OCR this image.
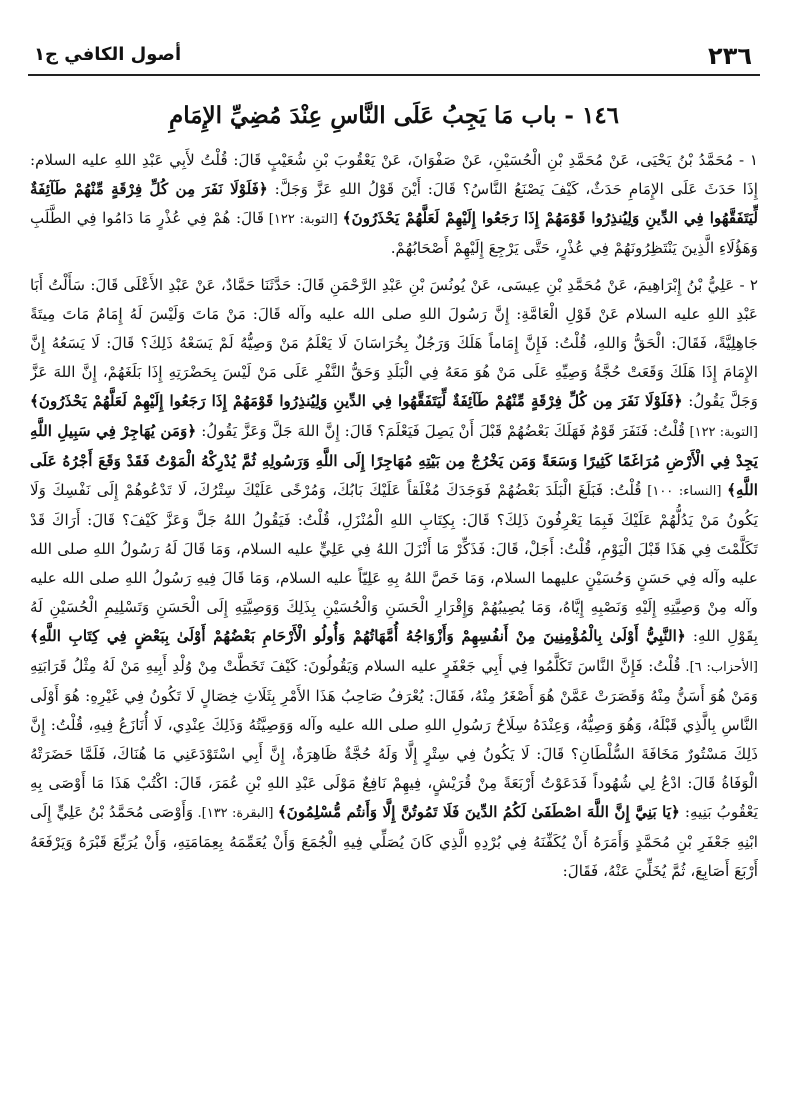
٢٣٦
أصول الكافي ج١
١٤٦ - باب مَا يَجِبُ عَلَى النَّاسِ عِنْدَ مُضِيِّ الإِمَامِ

١ - مُحَمَّدُ بْنُ يَحْيَى، عَنْ مُحَمَّدِ بْنِ الْحُسَيْنِ، عَنْ صَفْوَانَ، عَنْ يَعْقُوبَ بْنِ شُعَيْبٍ قَالَ: قُلْتُ لأَبِي عَبْدِ اللهِ عليه السلام: إِذَا حَدَثَ عَلَى الإِمَامِ حَدَثٌ، كَيْفَ يَصْنَعُ النَّاسُ؟ قَالَ: أَيْنَ قَوْلُ اللهِ عَزَّ وَجَلَّ: ﴿فَلَوْلَا نَفَرَ مِن كُلِّ فِرْقَةٍ مِّنْهُمْ طَآئِفَةٌ لِّيَتَفَقَّهُوا فِي الدِّينِ وَلِيُنذِرُوا قَوْمَهُمْ إِذَا رَجَعُوا إِلَيْهِمْ لَعَلَّهُمْ يَحْذَرُونَ﴾ [التوبة: ١٢٢] قَالَ: هُمْ فِي عُذْرٍ مَا دَامُوا فِي الطَّلَبِ وَهَؤُلَاءِ الَّذِينَ يَنْتَظِرُونَهُمْ فِي عُذْرٍ، حَتَّى يَرْجِعَ إِلَيْهِمْ أَصْحَابُهُمْ.

٢ - عَلِيُّ بْنُ إِبْرَاهِيمَ، عَنْ مُحَمَّدِ بْنِ عِيسَى، عَنْ يُونُسَ بْنِ عَبْدِ الرَّحْمَنِ قَالَ: حَدَّثَنَا حَمَّادٌ، عَنْ عَبْدِ الأَعْلَى قَالَ: سَأَلْتُ أَبَا عَبْدِ اللهِ عليه السلام عَنْ قَوْلِ الْعَامَّةِ: إِنَّ رَسُولَ اللهِ صلى الله عليه وآله قَالَ: مَنْ مَاتَ وَلَيْسَ لَهُ إِمَامٌ مَاتَ مِيتَةً جَاهِلِيَّةً، فَقَالَ: الْحَقُّ وَاللهِ، قُلْتُ: فَإِنَّ إِمَاماً هَلَكَ وَرَجُلٌ بِخُرَاسَانَ لَا يَعْلَمُ مَنْ وَصِيُّهُ لَمْ يَسَعْهُ ذَلِكَ؟ قَالَ: لَا يَسَعُهُ إِنَّ الإِمَامَ إِذَا هَلَكَ وَقَعَتْ حُجَّةُ وَصِيِّهِ عَلَى مَنْ هُوَ مَعَهُ فِي الْبَلَدِ وَحَقُّ النَّفْرِ عَلَى مَنْ لَيْسَ بِحَضْرَتِهِ إِذَا بَلَغَهُمْ، إِنَّ اللهَ عَزَّ وَجَلَّ يَقُولُ: ﴿فَلَوْلَا نَفَرَ مِن كُلِّ فِرْقَةٍ مِّنْهُمْ طَآئِفَةٌ لِّيَتَفَقَّهُوا فِي الدِّينِ وَلِيُنذِرُوا قَوْمَهُمْ إِذَا رَجَعُوا إِلَيْهِمْ لَعَلَّهُمْ يَحْذَرُونَ﴾ [التوبة: ١٢٢] قُلْتُ: فَنَفَرَ قَوْمٌ فَهَلَكَ بَعْضُهُمْ قَبْلَ أَنْ يَصِلَ فَيَعْلَمَ؟ قَالَ: إِنَّ اللهَ جَلَّ وَعَزَّ يَقُولُ: ﴿وَمَن يُهَاجِرْ فِي سَبِيلِ اللَّهِ يَجِدْ فِي الْأَرْضِ مُرَاغَمًا كَثِيرًا وَسَعَةً وَمَن يَخْرُجْ مِن بَيْتِهِ مُهَاجِرًا إِلَى اللَّهِ وَرَسُولِهِ ثُمَّ يُدْرِكْهُ الْمَوْتُ فَقَدْ وَقَعَ أَجْرُهُ عَلَى اللَّهِ﴾ [النساء: ١٠٠] قُلْتُ: فَبَلَغَ الْبَلَدَ بَعْضُهُمْ فَوَجَدَكَ مُغْلَقاً عَلَيْكَ بَابُكَ، وَمُرْخًى عَلَيْكَ سِتْرُكَ، لَا تَدْعُوهُمْ إِلَى نَفْسِكَ وَلَا يَكُونُ مَنْ يَدُلُّهُمْ عَلَيْكَ فَبِمَا يَعْرِفُونَ ذَلِكَ؟ قَالَ: بِكِتَابِ اللهِ الْمُنْزَلِ، قُلْتُ: فَيَقُولُ اللهُ جَلَّ وَعَزَّ كَيْفَ؟ قَالَ: أَرَاكَ قَدْ تَكَلَّمْتَ فِي هَذَا قَبْلَ الْيَوْمِ، قُلْتُ: أَجَلْ، قَالَ: فَذَكِّرْ مَا أَنْزَلَ اللهُ فِي عَلِيٍّ عليه السلام، وَمَا قَالَ لَهُ رَسُولُ اللهِ صلى الله عليه وآله فِي حَسَنٍ وَحُسَيْنٍ عليهما السلام، وَمَا خَصَّ اللهُ بِهِ عَلِيّاً عليه السلام، وَمَا قَالَ فِيهِ رَسُولُ اللهِ صلى الله عليه وآله مِنْ وَصِيَّتِهِ إِلَيْهِ وَنَصْبِهِ إِيَّاهُ، وَمَا يُصِيبُهُمْ وَإِقْرَارِ الْحَسَنِ وَالْحُسَيْنِ بِذَلِكَ وَوَصِيَّتِهِ إِلَى الْحَسَنِ وَتَسْلِيمِ الْحُسَيْنِ لَهُ بِقَوْلِ اللهِ: ﴿النَّبِيُّ أَوْلَىٰ بِالْمُؤْمِنِينَ مِنْ أَنفُسِهِمْ وَأَزْوَاجُهُ أُمَّهَاتُهُمْ وَأُولُو الْأَرْحَامِ بَعْضُهُمْ أَوْلَىٰ بِبَعْضٍ فِي كِتَابِ اللَّهِ﴾ [الأحزاب: ٦]. قُلْتُ: فَإِنَّ النَّاسَ تَكَلَّمُوا فِي أَبِي جَعْفَرٍ عليه السلام وَيَقُولُونَ: كَيْفَ تَخَطَّتْ مِنْ وُلْدِ أَبِيهِ مَنْ لَهُ مِثْلُ قَرَابَتِهِ وَمَنْ هُوَ أَسَنُّ مِنْهُ وَقَصَرَتْ عَمَّنْ هُوَ أَصْغَرُ مِنْهُ، فَقَالَ: يُعْرَفُ صَاحِبُ هَذَا الأَمْرِ بِثَلَاثِ خِصَالٍ لَا تَكُونُ فِي غَيْرِهِ: هُوَ أَوْلَى النَّاسِ بِالَّذِي قَبْلَهُ، وَهُوَ وَصِيُّهُ، وَعِنْدَهُ سِلَاحُ رَسُولِ اللهِ صلى الله عليه وآله وَوَصِيَّتُهُ وَذَلِكَ عِنْدِي، لَا أُنَازَعُ فِيهِ، قُلْتُ: إِنَّ ذَلِكَ مَسْتُورٌ مَخَافَةَ السُّلْطَانِ؟ قَالَ: لَا يَكُونُ فِي سِتْرٍ إِلَّا وَلَهُ حُجَّةٌ ظَاهِرَةٌ، إِنَّ أَبِي اسْتَوْدَعَنِي مَا هُنَاكَ، فَلَمَّا حَضَرَتْهُ الْوَفَاةُ قَالَ: ادْعُ لِي شُهُوداً فَدَعَوْتُ أَرْبَعَةً مِنْ قُرَيْشٍ، فِيهِمْ نَافِعٌ مَوْلَى عَبْدِ اللهِ بْنِ عُمَرَ، قَالَ: اكْتُبْ هَذَا مَا أَوْصَى بِهِ يَعْقُوبُ بَنِيهِ: ﴿يَا بَنِيَّ إِنَّ اللَّهَ اصْطَفَىٰ لَكُمُ الدِّينَ فَلَا تَمُوتُنَّ إِلَّا وَأَنتُم مُّسْلِمُونَ﴾ [البقرة: ١٣٢]. وَأَوْصَى مُحَمَّدُ بْنُ عَلِيٍّ إِلَى ابْنِهِ جَعْفَرِ بْنِ مُحَمَّدٍ وَأَمَرَهُ أَنْ يُكَفِّنَهُ فِي بُرْدِهِ الَّذِي كَانَ يُصَلِّي فِيهِ الْجُمَعَ وَأَنْ يُعَمِّمَهُ بِعِمَامَتِهِ، وَأَنْ يُرَبِّعَ قَبْرَهُ وَيَرْفَعَهُ أَرْبَعَ أَصَابِعَ، ثُمَّ يُخَلِّيَ عَنْهُ، فَقَالَ:
